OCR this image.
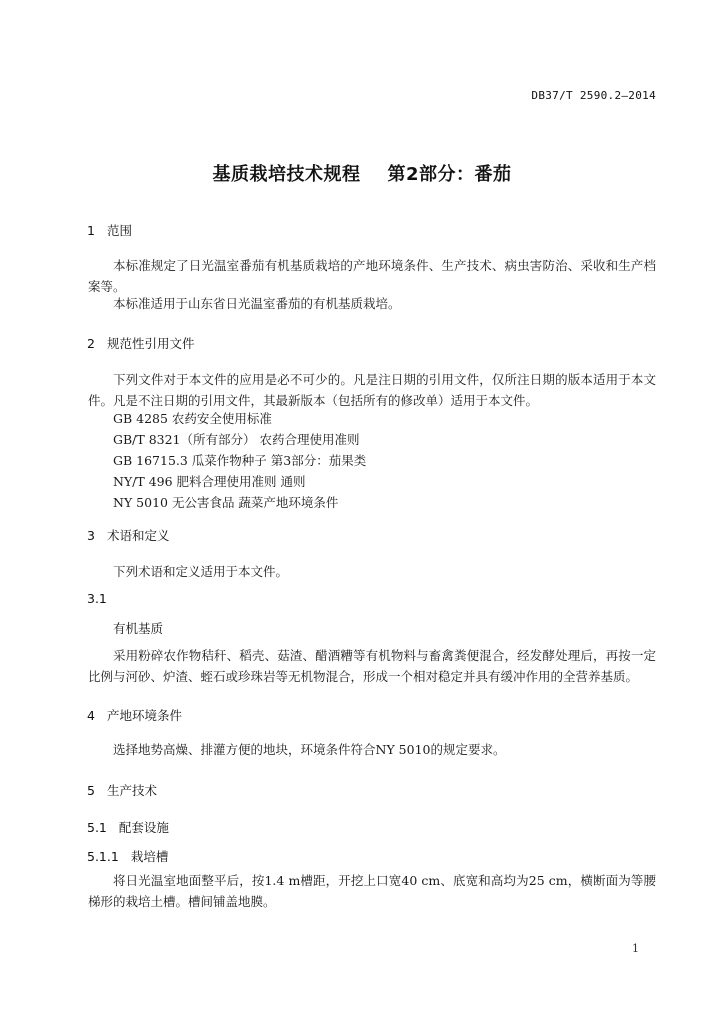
DB37/T 2590.2—2014
基质栽培技术规程    第2部分：番茄
1 范围
本标准规定了日光温室番茄有机基质栽培的产地环境条件、生产技术、病虫害防治、采收和生产档案等。
本标准适用于山东省日光温室番茄的有机基质栽培。
2 规范性引用文件
下列文件对于本文件的应用是必不可少的。凡是注日期的引用文件，仅所注日期的版本适用于本文件。凡是不注日期的引用文件，其最新版本（包括所有的修改单）适用于本文件。
GB 4285 农药安全使用标准
GB/T 8321（所有部分） 农药合理使用准则
GB 16715.3 瓜菜作物种子 第3部分：茄果类
NY/T 496 肥料合理使用准则 通则
NY 5010 无公害食品 蔬菜产地环境条件
3 术语和定义
下列术语和定义适用于本文件。
3.1
有机基质
采用粉碎农作物秸秆、稻壳、菇渣、醋酒糟等有机物料与畜禽粪便混合，经发酵处理后，再按一定比例与河砂、炉渣、蛭石或珍珠岩等无机物混合，形成一个相对稳定并具有缓冲作用的全营养基质。
4 产地环境条件
选择地势高燥、排灌方便的地块，环境条件符合NY 5010的规定要求。
5 生产技术
5.1 配套设施
5.1.1 栽培槽
将日光温室地面整平后，按1.4 m槽距，开挖上口宽40 cm、底宽和高均为25 cm，横断面为等腰梯形的栽培土槽。槽间铺盖地膜。
1
